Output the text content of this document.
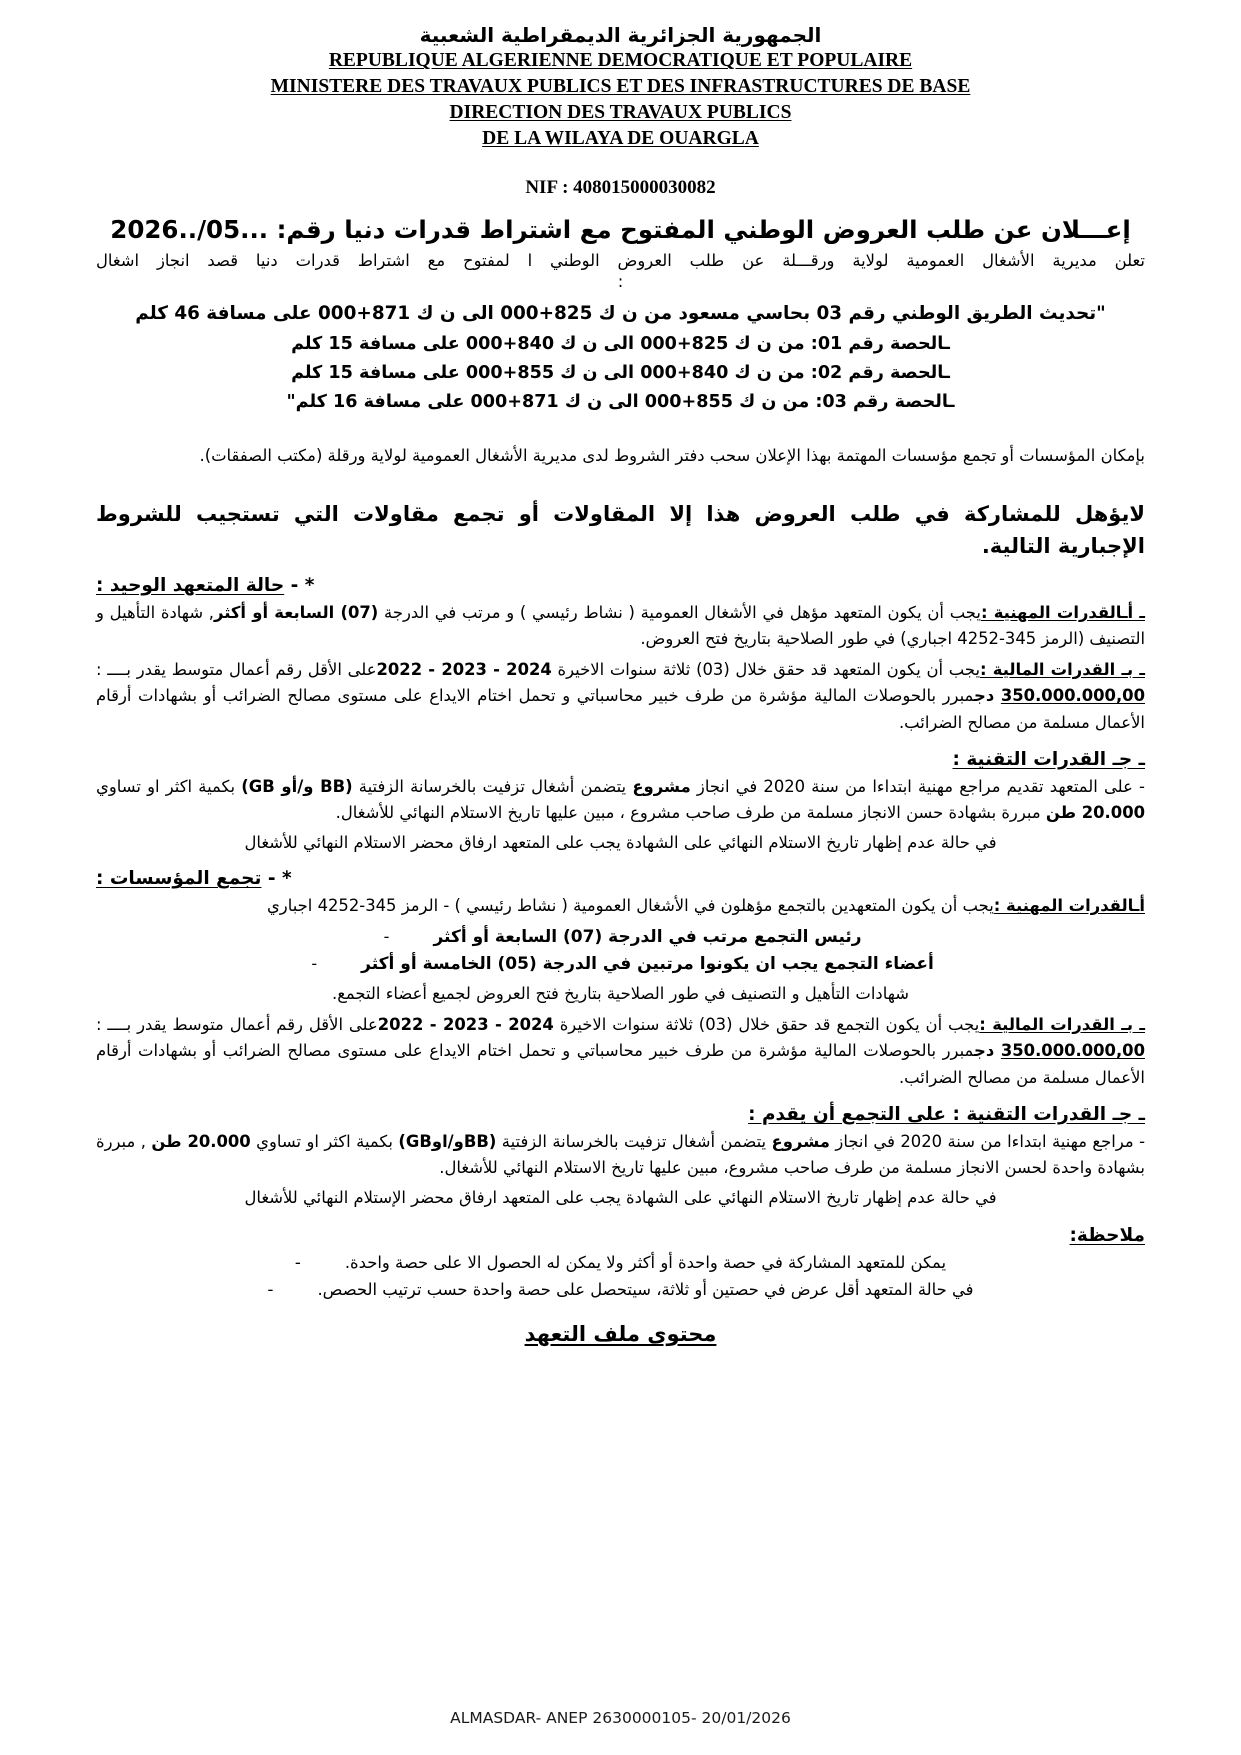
الجمهورية الجزائرية الديمقراطية الشعبية
REPUBLIQUE ALGERIENNE DEMOCRATIQUE ET POPULAIRE
MINISTERE DES TRAVAUX PUBLICS ET DES INFRASTRUCTURES DE BASE
DIRECTION DES TRAVAUX PUBLICS
DE LA WILAYA DE OUARGLA
NIF : 408015000030082
إعـــلان عن طلب العروض الوطني المفتوح مع اشتراط قدرات دنيا رقم: ...05/..2026

تعلن مديرية الأشغال العمومية لولاية ورقـــلة عن طلب العروض الوطني ا لمفتوح مع اشتراط قدرات دنيا قصد انجاز اشغال

:
"تحديث الطريق الوطني رقم 03 بحاسي مسعود من ن ك 825+000 الى ن ك 871+000 على مسافة 46 كلم
ـالحصة رقم 01: من ن ك 825+000 الى ن ك 840+000 على مسافة 15 كلم
ـالحصة رقم 02: من ن ك 840+000 الى ن ك 855+000 على مسافة 15 كلم
ـالحصة رقم 03: من ن ك 855+000 الى ن ك 871+000 على مسافة 16 كلم"
بإمكان المؤسسات أو تجمع مؤسسات المهتمة بهذا الإعلان سحب دفتر الشروط لدى مديرية الأشغال العمومية لولاية ورقلة (مكتب الصفقات).
لايؤهل للمشاركة في طلب العروض هذا إلا المقاولات أو تجمع مقاولات التي تستجيب للشروط الإجبارية التالية.
* - حالة المتعهد الوحيد :
ـ أـالقدرات المهنية :يجب أن يكون المتعهد مؤهل في الأشغال العمومية ( نشاط رئيسي ) و مرتب في الدرجة (07) السابعة أو أكثر, شهادة التأهيل و التصنيف (الرمز 345-4252 اجباري) في طور الصلاحية بتاريخ فتح العروض.
ـ بـ القدرات المالية :يجب أن يكون المتعهد قد حقق خلال (03) ثلاثة سنوات الاخيرة 2024 - 2023 - 2022على الأقل رقم أعمال متوسط يقدر بــــ : 350.000.000,00 دجمبرر بالحوصلات المالية مؤشرة من طرف خبير محاسباتي و تحمل اختام الايداع على مستوى مصالح الضرائب أو بشهادات أرقام الأعمال مسلمة من مصالح الضرائب.
ـ جـ القدرات التقنية :
- على المتعهد تقديم مراجع مهنية ابتداءا من سنة 2020 في انجاز مشروع يتضمن أشغال تزفيت بالخرسانة الزفتية (BB و/أو GB) بكمية اكثر او تساوي 20.000 طن مبررة بشهادة حسن الانجاز مسلمة من طرف صاحب مشروع ، مبين عليها تاريخ الاستلام النهائي للأشغال.
في حالة عدم إظهار تاريخ الاستلام النهائي على الشهادة يجب على المتعهد ارفاق محضر الاستلام النهائي للأشغال
* - تجمع المؤسسات :
أـالقدرات المهنية :يجب أن يكون المتعهدين بالتجمع مؤهلون في الأشغال العمومية ( نشاط رئيسي ) - الرمز 345-4252 اجباري
-	رئيس التجمع مرتب في الدرجة (07) السابعة أو أكثر
-	أعضاء التجمع يجب ان يكونوا مرتبين في الدرجة (05) الخامسة أو أكثر
شهادات التأهيل و التصنيف في طور الصلاحية بتاريخ فتح العروض لجميع أعضاء التجمع.
ـ بـ القدرات المالية :يجب أن يكون التجمع قد حقق خلال (03) ثلاثة سنوات الاخيرة 2024 - 2023 - 2022على الأقل رقم أعمال متوسط يقدر بــــ : 350.000.000,00 دجمبرر بالحوصلات المالية مؤشرة من طرف خبير محاسباتي و تحمل اختام الايداع على مستوى مصالح الضرائب أو بشهادات أرقام الأعمال مسلمة من مصالح الضرائب.
ـ جـ القدرات التقنية : على التجمع أن يقدم :
- مراجع مهنية ابتداءا من سنة 2020 في انجاز مشروع يتضمن أشغال تزفيت بالخرسانة الزفتية (BBو/اوGB) بكمية اكثر او تساوي 20.000 طن , مبررة بشهادة واحدة لحسن الانجاز مسلمة من طرف صاحب مشروع، مبين عليها تاريخ الاستلام النهائي للأشغال.
في حالة عدم إظهار تاريخ الاستلام النهائي على الشهادة يجب على المتعهد ارفاق محضر الإستلام النهائي للأشغال
ملاحظة:
-	يمكن للمتعهد المشاركة في حصة واحدة أو أكثر ولا يمكن له الحصول الا على حصة واحدة.
-	في حالة المتعهد أقل عرض في حصتين أو ثلاثة، سيتحصل على حصة واحدة حسب ترتيب الحصص.
محتوى ملف التعهد
ALMASDAR- ANEP 2630000105- 20/01/2026
